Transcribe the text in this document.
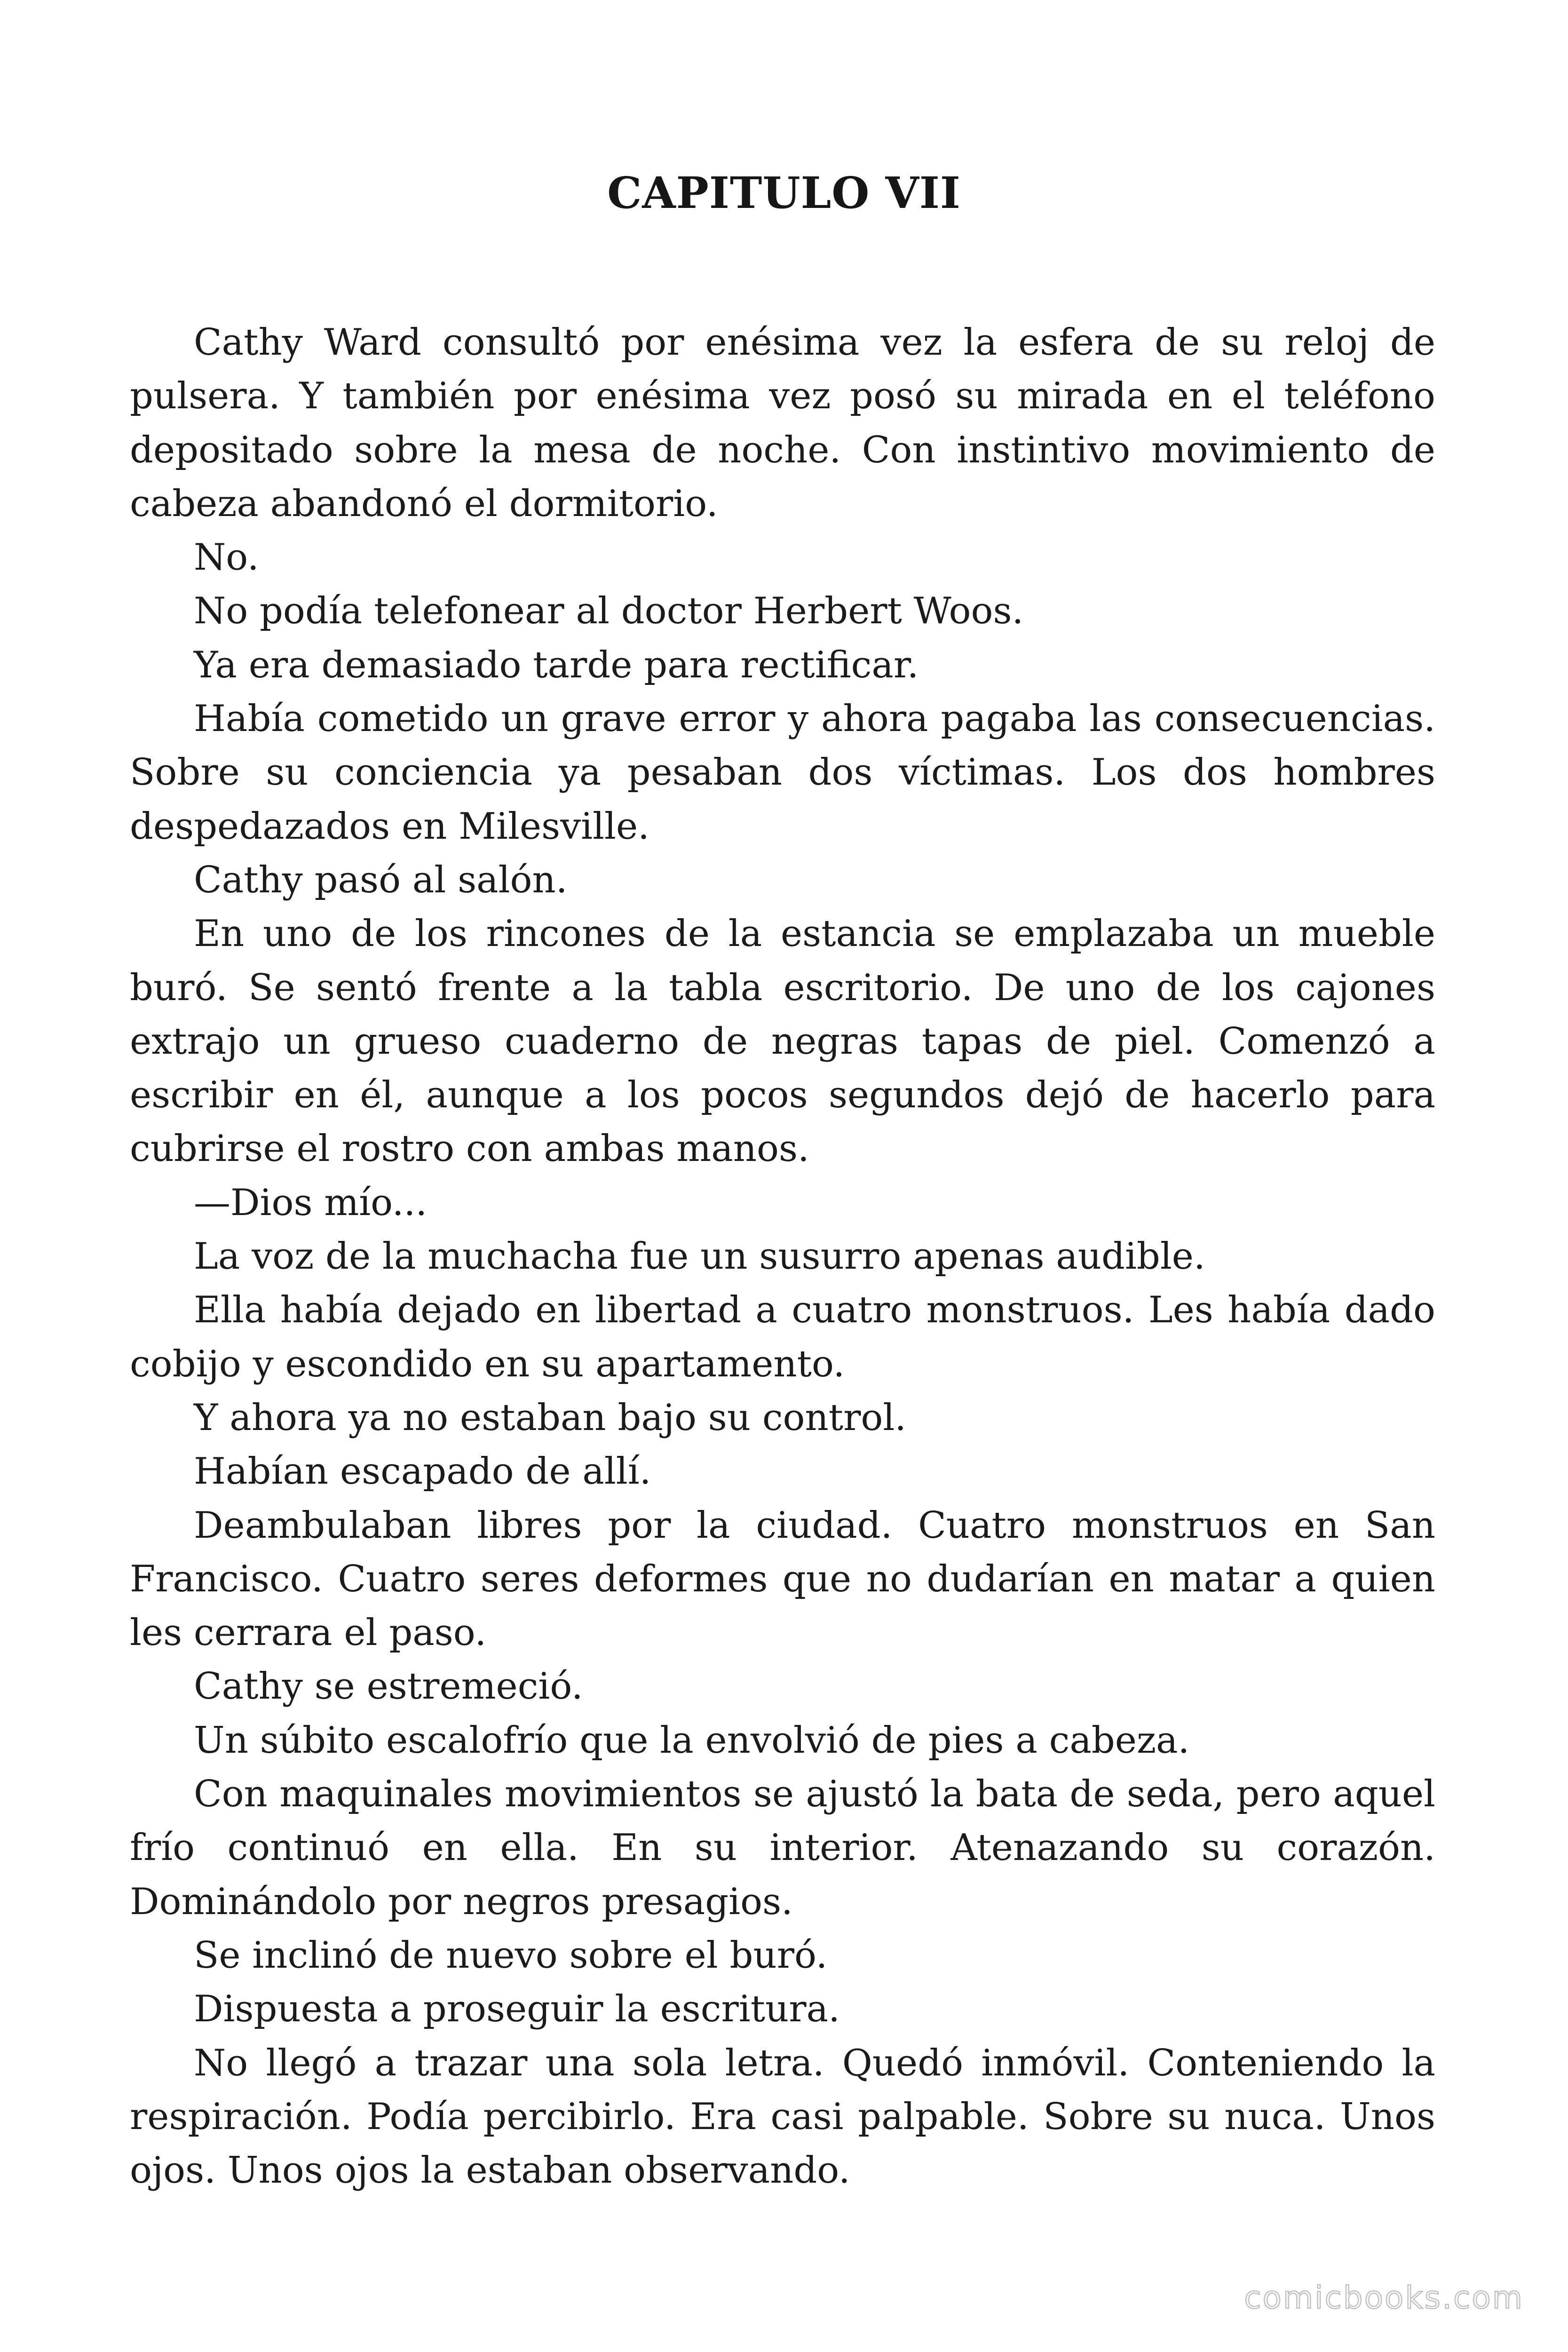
CAPITULO VII

Cathy Ward consultó por enésima vez la esfera de su reloj de pulsera. Y también por enésima vez posó su mirada en el teléfono depositado sobre la mesa de noche. Con instintivo movimiento de cabeza abandonó el dormitorio.

No.

No podía telefonear al doctor Herbert Woos.

Ya era demasiado tarde para rectificar.

Había cometido un grave error y ahora pagaba las consecuencias. Sobre su conciencia ya pesaban dos víctimas. Los dos hombres despedazados en Milesville.

Cathy pasó al salón.

En uno de los rincones de la estancia se emplazaba un mueble buró. Se sentó frente a la tabla escritorio. De uno de los cajones extrajo un grueso cuaderno de negras tapas de piel. Comenzó a escribir en él, aunque a los pocos segundos dejó de hacerlo para cubrirse el rostro con ambas manos.

—Dios mío...

La voz de la muchacha fue un susurro apenas audible.

Ella había dejado en libertad a cuatro monstruos. Les había dado cobijo y escondido en su apartamento.

Y ahora ya no estaban bajo su control.

Habían escapado de allí.

Deambulaban libres por la ciudad. Cuatro monstruos en San Francisco. Cuatro seres deformes que no dudarían en matar a quien les cerrara el paso.

Cathy se estremeció.

Un súbito escalofrío que la envolvió de pies a cabeza.

Con maquinales movimientos se ajustó la bata de seda, pero aquel frío continuó en ella. En su interior. Atenazando su corazón. Dominándolo por negros presagios.

Se inclinó de nuevo sobre el buró.

Dispuesta a proseguir la escritura.

No llegó a trazar una sola letra. Quedó inmóvil. Conteniendo la respiración. Podía percibirlo. Era casi palpable. Sobre su nuca. Unos ojos. Unos ojos la estaban observando.

comicbooks.com
